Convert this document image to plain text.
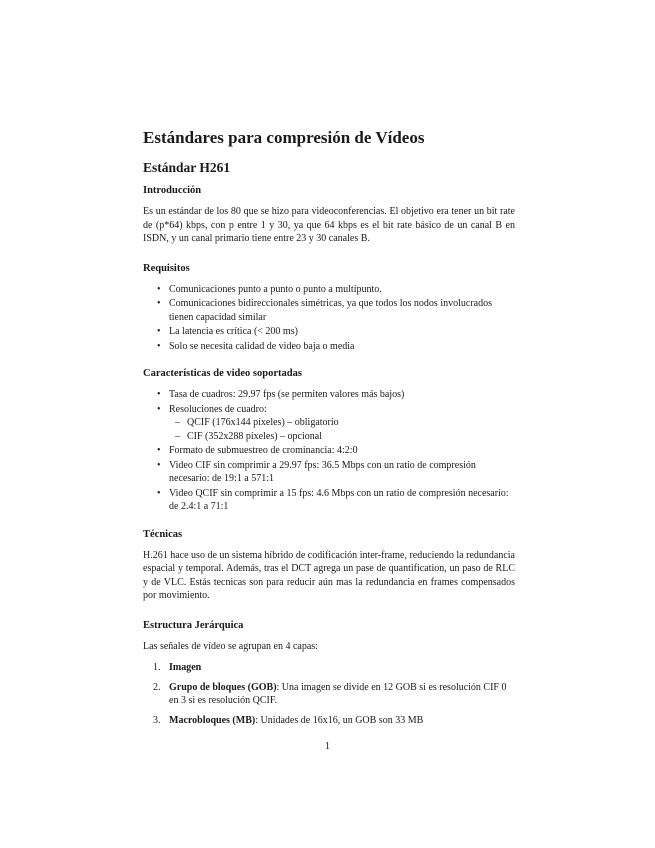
Estándares para compresión de Vídeos
Estándar H261
Introducción
Es un estándar de los 80 que se hizo para videoconferencias. El objetivo era tener un bit rate de (p*64) kbps, con p entre 1 y 30, ya que 64 kbps es el bit rate básico de un canal B en ISDN, y un canal primario tiene entre 23 y 30 canales B.
Requisitos
• Comunicaciones punto a punto o punto a multipunto.
• Comunicaciones bidireccionales simétricas, ya que todos los nodos involucrados tienen capacidad similar
• La latencia es crítica (< 200 ms)
• Solo se necesita calidad de video baja o media
Características de video soportadas
• Tasa de cuadros: 29.97 fps (se permiten valores más bajos)
• Resoluciones de cuadro:
– QCIF (176x144 píxeles) – obligatorio
– CIF (352x288 píxeles) – opcional
• Formato de submuestreo de crominancia: 4:2:0
• Video CIF sin comprimir a 29.97 fps: 36.5 Mbps con un ratio de compresión necesario: de 19:1 a 571:1
• Video QCIF sin comprimir a 15 fps: 4.6 Mbps con un ratio de compresión necesario: de 2.4:1 a 71:1
Técnicas
H.261 hace uso de un sistema híbrido de codificación inter-frame, reduciendo la redundancia espacial y temporal. Además, tras el DCT agrega un pase de quantification, un paso de RLC y de VLC. Estás tecnicas son para reducir aún mas la redundancia en frames compensados por movimiento.
Estructura Jerárquica
Las señales de vídeo se agrupan en 4 capas:
1. Imagen
2. Grupo de bloques (GOB): Una imagen se divide en 12 GOB si es resolución CIF 0 en 3 si es resolución QCIF.
3. Macrobloques (MB): Unidades de 16x16, un GOB son 33 MB
1
